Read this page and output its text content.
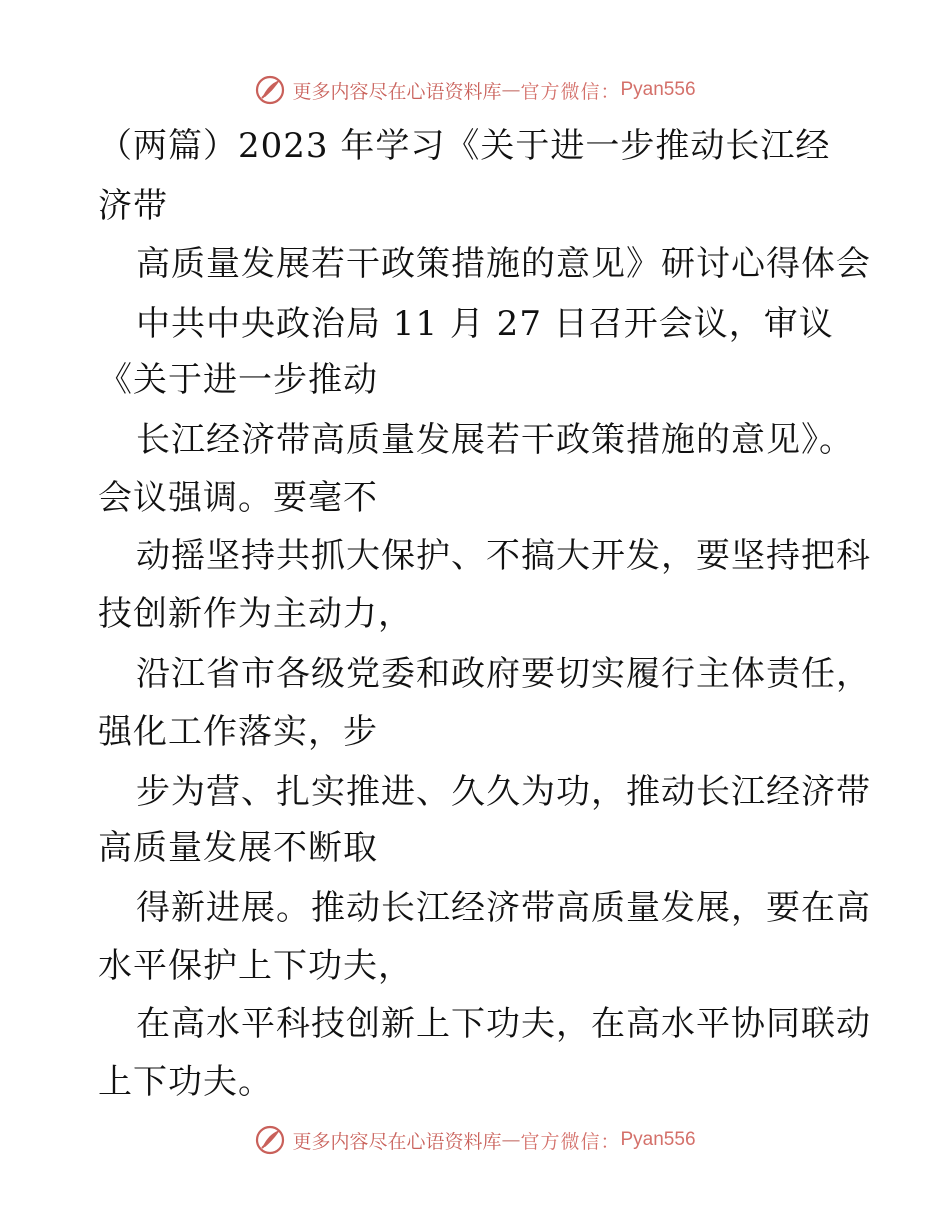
更多内容尽在心语资料库 — 官方微信： Pyan556
（两篇）2023 年学习《关于进一步推动长江经
济带
高质量发展若干政策措施的意见》研讨心得体会
中共中央政治局 11 月 27 日召开会议，审议
《关于进一步推动
长江经济带高质量发展若干政策措施的意见》。
会议强调。要毫不
动摇坚持共抓大保护、不搞大开发，要坚持把科
技创新作为主动力，
沿江省市各级党委和政府要切实履行主体责任，
强化工作落实，步
步为营、扎实推进、久久为功，推动长江经济带
高质量发展不断取
得新进展。推动长江经济带高质量发展，要在高
水平保护上下功夫，
在高水平科技创新上下功夫，在高水平协同联动
上下功夫。
更多内容尽在心语资料库 — 官方微信： Pyan556
